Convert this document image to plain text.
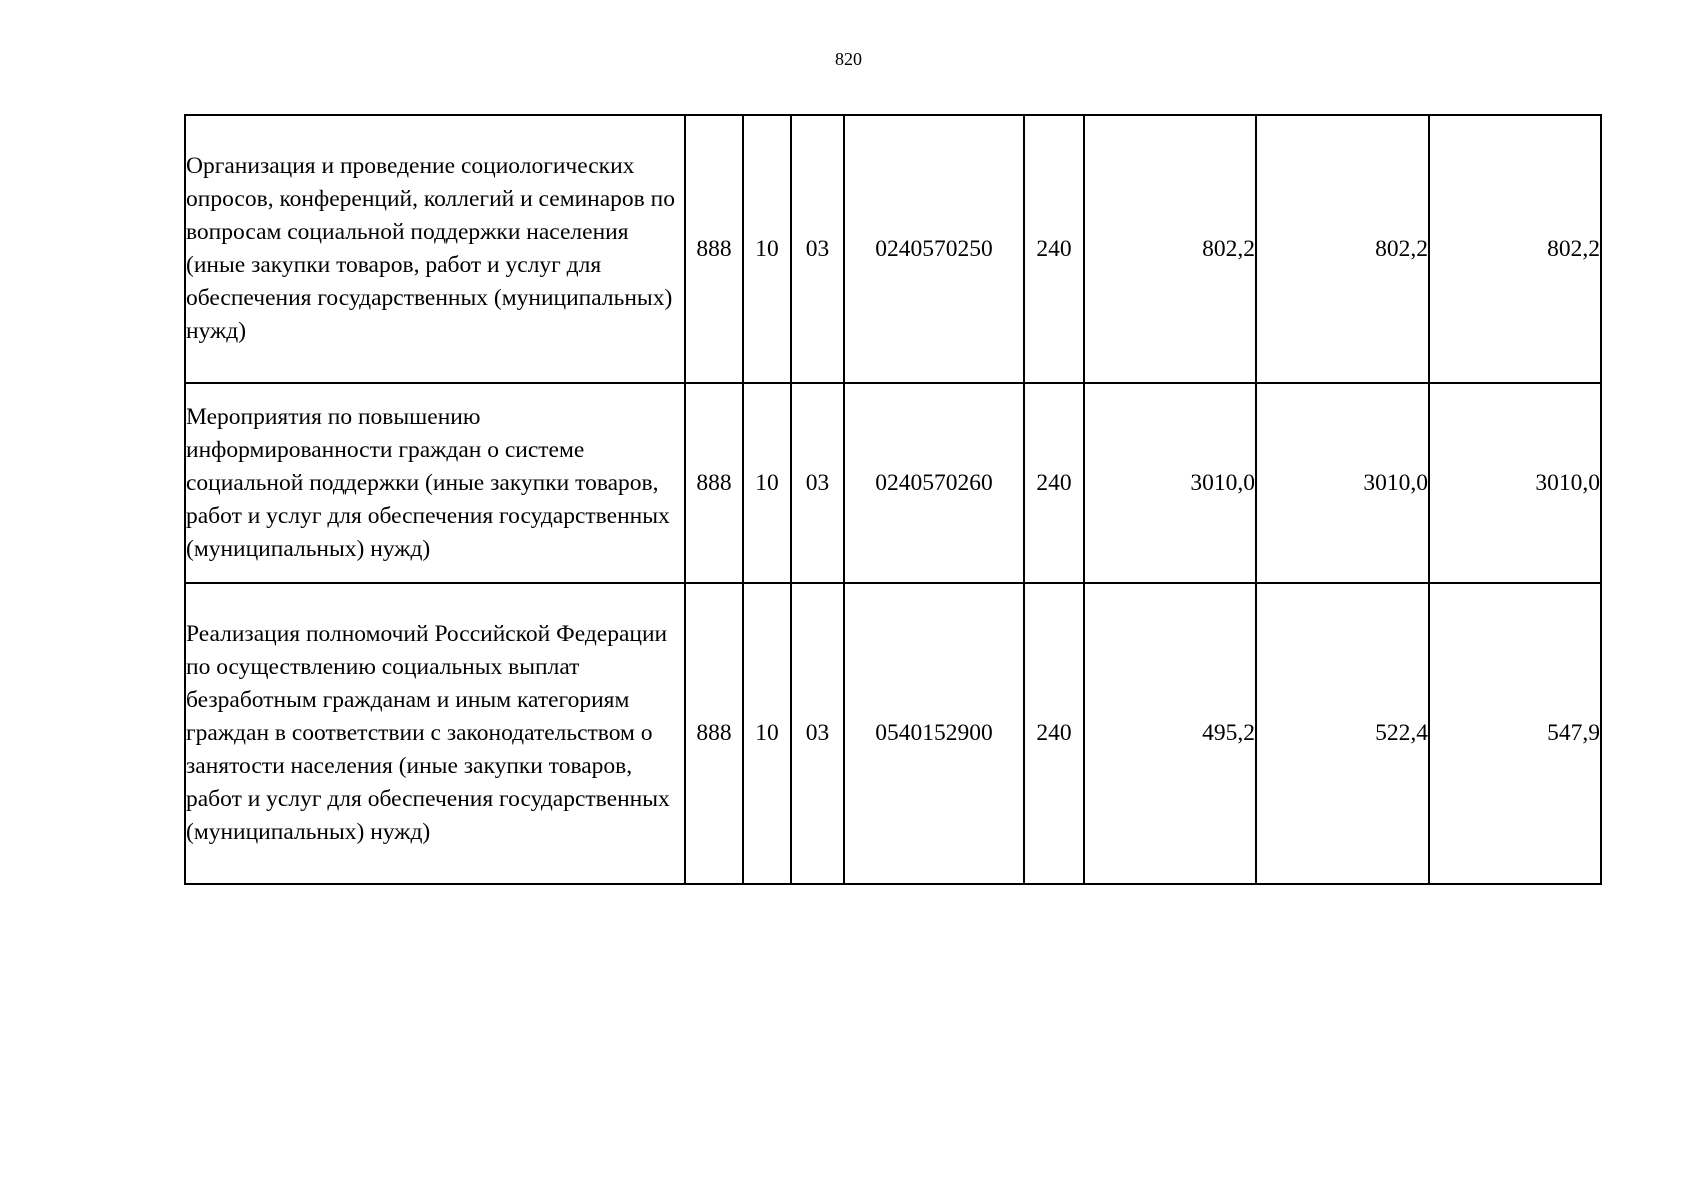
820
Организация и проведение социологических опросов, конференций, коллегий и семинаров по вопросам социальной поддержки населения (иные закупки товаров, работ и услуг для обеспечения государственных (муниципальных) нужд)	888	10	03	0240570250	240	802,2	802,2	802,2
Мероприятия по повышению информированности граждан о системе социальной поддержки (иные закупки товаров, работ и услуг для обеспечения государственных (муниципальных) нужд)	888	10	03	0240570260	240	3010,0	3010,0	3010,0
Реализация полномочий Российской Федерации по осуществлению социальных выплат безработным гражданам и иным категориям граждан в соответствии с законодательством о занятости населения (иные закупки товаров, работ и услуг для обеспечения государственных (муниципальных) нужд)	888	10	03	0540152900	240	495,2	522,4	547,9
